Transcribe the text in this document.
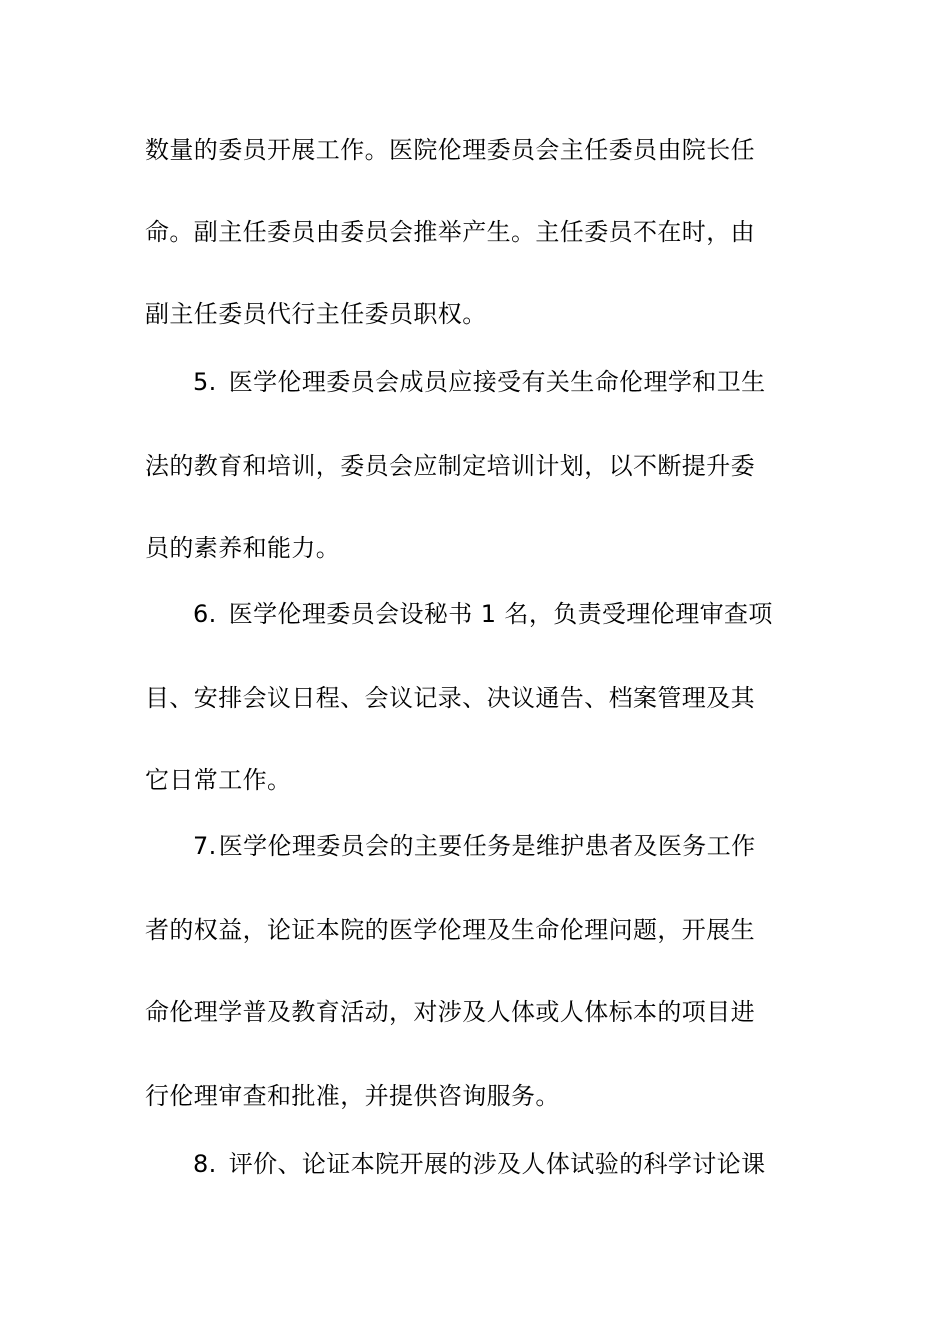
数量的委员开展工作。医院伦理委员会主任委员由院长任
命。副主任委员由委员会推举产生。主任委员不在时，由
副主任委员代行主任委员职权。
5. 医学伦理委员会成员应接受有关生命伦理学和卫生
法的教育和培训，委员会应制定培训计划，以不断提升委
员的素养和能力。
6. 医学伦理委员会设秘书 1 名，负责受理伦理审查项
目、安排会议日程、会议记录、决议通告、档案管理及其
它日常工作。
7.医学伦理委员会的主要任务是维护患者及医务工作
者的权益，论证本院的医学伦理及生命伦理问题，开展生
命伦理学普及教育活动，对涉及人体或人体标本的项目进
行伦理审查和批准，并提供咨询服务。
8. 评价、论证本院开展的涉及人体试验的科学讨论课
